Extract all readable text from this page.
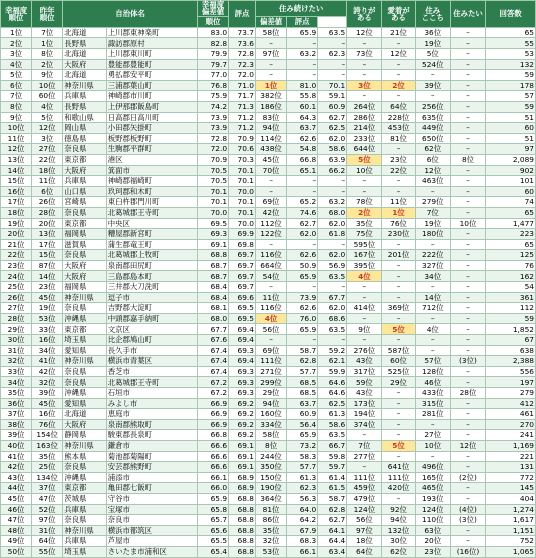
幸福度
順位	昨年
順位	自治体名		幸福度
偏差値	評点	住み続けたい			誇りが
ある	愛着が
ある	住み
ここち	住みたい	回答数
				順位		偏差値	評点						
1位	7位	北海道	上川郡東神楽町	83.0	73.7	58位	65.9	63.5	12位	21位	36位	–	65
2位	1位	長野県	諏訪郡原村	82.8	73.6	–	–	–	–	–	19位	–	55
3位	8位	北海道	上川郡東川町	79.9	72.8	97位	63.2	62.3	73位	12位	5位	–	53
4位	2位	大阪府	豊能郡豊能町	79.7	72.3	–	–	–	–	–	524位	–	132
5位	9位	北海道	勇払郡安平町	77.0	72.0	–	–	–	–	–	–	–	59
6位	10位	神奈川県	三浦郡葉山町	76.8	71.0	1位	81.0	70.1	3位	2位	39位	–	178
7位	60位	兵庫県	神崎郡市川町	75.9	71.7	382位	55.8	59.1	–	–	–	–	57
8位	4位	長野県	上伊那郡飯島町	74.2	71.3	186位	60.1	60.9	264位	64位	256位	–	59
9位	5位	和歌山県	日高郡日高川町	73.9	71.2	83位	64.3	62.7	286位	228位	635位	–	51
10位	12位	岡山県	小田郡矢掛町	73.9	71.2	94位	63.7	62.5	214位	453位	449位	–	60
11位	3位	徳島県	板野郡板野町	72.8	70.9	114位	62.6	62.0	233位	81位	650位	–	51
12位	27位	奈良県	生駒郡平群町	72.0	70.6	438位	54.8	58.6	644位	–	62位	–	97
13位	22位	東京都	港区	70.9	70.3	45位	66.8	63.9	5位	23位	6位	8位	2,089
14位	18位	大阪府	箕面市	70.5	70.1	70位	65.1	66.2	10位	22位	12位	–	902
15位	11位	兵庫県	神崎郡福崎町	70.5	70.1	–	–	–	–	–	463位	–	101
16位	6位	山口県	玖珂郡和木町	70.1	70.0	–	–	–	–	–	–	–	60
17位	26位	宮崎県	東臼杵郡門川町	70.1	70.1	69位	65.2	63.2	78位	11位	279位	–	74
18位	28位	奈良県	北葛城郡王寺町	70.0	70.1	42位	74.6	68.0	2位	1位	7位	–	65
19位	20位	東京都	中央区	69.5	70.0	112位	62.7	62.0	35位	76位	19位	10位	1,477
20位	13位	福岡県	糟屋郡新宮町	69.3	69.9	122位	62.0	61.8	75位	230位	180位	–	223
21位	17位	滋賀県	蒲生郡竜王町	69.1	69.8	–	–	–	595位	–	–	–	65
22位	15位	奈良県	北葛城郡上牧町	68.8	69.7	116位	62.6	62.0	167位	201位	222位	–	125
23位	87位	大阪府	泉南郡田尻町	68.7	69.7	664位	50.9	56.9	395位	–	327位	–	76
24位	14位	大阪府	三島郡島本町	68.7	69.7	54位	65.9	63.5	4位	–	34位	–	162
25位	23位	福岡県	三井郡大刀洗町	68.4	69.7	–	–	–	–	–	–	–	54
26位	45位	神奈川県	逗子市	68.4	69.6	11位	73.9	67.7	–	–	14位	–	361
27位	19位	奈良県	吉野郡大淀町	68.1	69.5	116位	62.6	62.0	414位	369位	712位	–	112
28位	53位	沖縄県	中頭郡嘉手納町	68.0	69.5	4位	76.0	68.6	–	–	–	–	59
29位	33位	東京都	文京区	67.7	69.4	56位	65.9	63.5	9位	5位	4位	–	1,852
30位	16位	埼玉県	比企郡鳩山町	67.6	69.4	–	–	–	–	–	–	–	67
31位	34位	愛知県	長久手市	67.4	69.3	69位	58.7	59.2	276位	587位	–	–	638
32位	41位	神奈川県	横浜市青葉区	67.4	69.4	111位	62.8	62.1	43位	60位	57位	(3位)	2,388
33位	42位	奈良県	香芝市	67.4	69.3	271位	57.7	59.9	317位	525位	128位	–	556
34位	32位	奈良県	北葛城郡王寺町	67.2	69.3	299位	68.5	64.6	59位	29位	46位	–	197
35位	39位	沖縄県	石垣市	67.2	69.3	29位	68.5	64.6	43位	–	433位	28位	279
36位	45位	愛知県	みよし市	66.9	69.2	94位	63.7	62.5	173位	–	315位	–	412
37位	16位	北海道	恵庭市	66.9	69.2	160位	60.9	61.3	194位	–	281位	–	461
38位	76位	大阪府	泉南郡熊取町	66.9	69.2	334位	56.4	58.6	374位	–	–	–	270
39位	154位	静岡県	駿東郡長泉町	66.8	69.2	58位	65.9	63.5	–	–	27位	–	241
40位	163位	神奈川県	鎌倉市	66.6	69.1	8位	73.2	66.7	7位	5位	10位	12位	1,169
41位	35位	熊本県	菊池郡菊陽町	66.6	69.1	244位	58.3	59.8	277位	–	–	–	221
42位	25位	奈良県	安芸郡熊野町	66.6	69.1	350位	57.7	59.7	–	641位	496位	–	131
43位	134位	沖縄県	浦添市	66.1	68.9	150位	61.3	61.4	111位	111位	165位	(2位)	772
44位	37位	東京都	亀田郡七飯町	66.0	68.9	190位	62.3	61.5	459位	420位	465位	–	145
45位	47位	茨城県	守谷市	65.9	68.8	364位	56.3	58.7	479位	–	193位	–	404
46位	52位	兵庫県	宝塚市	65.8	68.8	81位	64.0	62.8	124位	92位	124位	(4位)	1,274
47位	97位	奈良県	奈良市	65.7	68.8	86位	64.2	62.7	56位	94位	110位	(3位)	1,617
48位	31位	神奈川県	横浜市都筑区	65.6	68.8	35位	67.9	64.1	97位	132位	63位	–	1,151
49位	64位	兵庫県	芦屋市	65.5	68.8	32位	68.3	64.4	18位	30位	20位	–	752
50位	55位	埼玉県	さいたま市浦和区	65.4	68.8	53位	66.1	63.4	64位	62位	23位	(16位)	1,065
